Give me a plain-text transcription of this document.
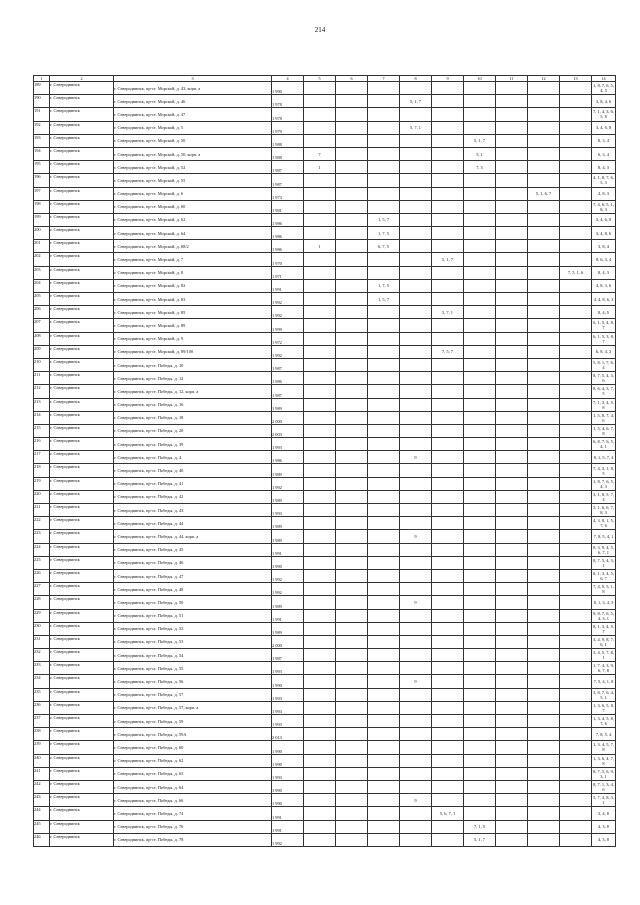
214
1	2	3	4	5	6	7	8	9	10	11	12	13	14
189	г. Северодвинск	г. Северодвинск, пр-ст. Морской, д. 43, корп. а	1 990										1, 8, 7, 6, 5, 4, 3
190	г. Северодвинск	г. Северодвинск, пр-ст. Морской, д. 46	1 978				5, 1, 7						3, 8, 4, 6
191	г. Северодвинск	г. Северодвинск, пр-ст. Морской, д. 47	1 978										7, 1, 4, 3, 6, 5, 8
192	г. Северодвинск	г. Северодвинск, пр-ст. Морской, д. 5	1 979				5, 7, 1						3, 4, 6, 8
193	г. Северодвинск	г. Северодвинск, пр-ст. Морской, д. 50	1 988						5, 1, 7				8, 3, 4
194	г. Северодвинск	г. Северодвинск, пр-ст. Морской, д. 50, корп. а	1 988	7					5, 1				6, 3, 4
195	г. Северодвинск	г. Северодвинск, пр-ст. Морской, д. 52	1 987	1					7, 5				8, 4, 3
196	г. Северодвинск	г. Северодвинск, пр-ст. Морской, д. 55	1 987										4, 1, 8, 7, 6, 5, 3
197	г. Северодвинск	г. Северодвинск, пр-ст. Морской, д. 6	1 973								5, 1, 6, 7		4, 8, 3
198	г. Северодвинск	г. Северодвинск, пр-ст. Морской, д. 60	1 981										7, 4, 6, 5, 1, 8, 3
199	г. Северодвинск	г. Северодвинск, пр-ст. Морской, д. 62	1 986			1, 5, 7							3, 4, 6, 8
200	г. Северодвинск	г. Северодвинск, пр-ст. Морской, д. 64	1 986			1, 7, 5							3, 4, 8, 6
201	г. Северодвинск	г. Северодвинск, пр-ст. Морской, д. 68/2	1 986	1		6, 7, 5							3, 8, 4
202	г. Северодвинск	г. Северодвинск, пр-ст. Морской, д. 7	1 970					5, 1, 7					8, 6, 3, 4
203	г. Северодвинск	г. Северодвинск, пр-ст. Морской, д. 8	1 971									7, 5, 1, 6	8, 4, 3
204	г. Северодвинск	г. Северодвинск, пр-ст. Морской, д. 82	1 991			1, 7, 5							4, 8, 3, 6
205	г. Северодвинск	г. Северодвинск, пр-ст. Морской, д. 83	1 992			1, 5, 7							4, 4, 8, 6, 3
206	г. Северодвинск	г. Северодвинск, пр-ст. Морской, д. 85	1 992					5, 7, 1					8, 4, 5
207	г. Северодвинск	г. Северодвинск, пр-ст. Морской, д. 89	1 999										6, 1, 5, 4, 8, 7
208	г. Северодвинск	г. Северодвинск, пр-ст. Морской, д. 9	1 972										6, 1, 5, 3, 8, 7
209	г. Северодвинск	г. Северодвинск, пр-ст. Морской, д. 89/100	1 992					7, 5, 7					6, 8, 4, 3
210	г. Северодвинск	г. Северодвинск, пр-ст. Победы, д. 10	1 987										5, 8, 1, 7, 6, 4
211	г. Северодвинск	г. Северодвинск, пр-ст. Победы, д. 12	1 986										8, 7, 5, 4, 3, 6
212	г. Северодвинск	г. Северодвинск, пр-ст. Победы, д. 12, корп. а	1 987										8, 6, 4, 3, 7, 5
213	г. Северодвинск	г. Северодвинск, пр-ст. Победы, д. 16	1 989										7, 1, 3, 4, 5, 8
214	г. Северодвинск	г. Северодвинск, пр-ст. Победы, д. 18	2 000										1, 5, 8, 7, 4, 6
215	г. Северодвинск	г. Северодвинск, пр-ст. Победы, д. 20	2 003										1, 5, 4, 6, 7, 8
216	г. Северодвинск	г. Северодвинск, пр-ст. Победы, д. 39	1 993										6, 8, 7, 6, 5, 4, 1
217	г. Северодвинск	г. Северодвинск, пр-ст. Победы, д. 4	1 986				9						8, 1, 5, 7, 4
218	г. Северодвинск	г. Северодвинск, пр-ст. Победы, д. 40	1 989										7, 4, 3, 1, 8, 5
219	г. Северодвинск	г. Северодвинск, пр-ст. Победы, д. 41	1 992										1, 8, 7, 6, 5, 4, 3
220	г. Северодвинск	г. Северодвинск, пр-ст. Победы, д. 42	1 989										3, 1, 8, 5, 7, 4
221	г. Северодвинск	г. Северодвинск, пр-ст. Победы, д. 43	1 993										5, 1, 6, 6, 7, 8, 3
222	г. Северодвинск	г. Северодвинск, пр-ст. Победы, д. 44	1 989										4, 3, 8, 1, 5, 7, 6
223	г. Северодвинск	г. Северодвинск, пр-ст. Победы, д. 44, корп. а	1 989				9						7, 8, 5, 4, 1
224	г. Северодвинск	г. Северодвинск, пр-ст. Победы, д. 45	1 991										8, 3, 9, 4, 5, 6, 7, 1
225	г. Северодвинск	г. Северодвинск, пр-ст. Победы, д. 46	1 990										8, 7, 5, 4, 3, 1
226	г. Северодвинск	г. Северодвинск, пр-ст. Победы, д. 47	1 992										8, 1, 3, 4, 5, 6, 7
227	г. Северодвинск	г. Северодвинск, пр-ст. Победы, д. 48	1 992										7, 4, 9, 5, 1, 8
228	г. Северодвинск	г. Северодвинск, пр-ст. Победы, д. 50	1 989				9						8, 1, 3, 4, 5
229	г. Северодвинск	г. Северодвинск, пр-ст. Победы, д. 51	1 991										9, 8, 7, 6, 5, 4, 3, 1
230	г. Северодвинск	г. Северодвинск, пр-ст. Победы, д. 52	1 989										8, 1, 3, 4, 5, 7
231	г. Северодвинск	г. Северодвинск, пр-ст. Победы, д. 53	2 000										3, 4, 9, 8, 7, 6, 1
232	г. Северодвинск	г. Северодвинск, пр-ст. Победы, д. 54	1 987										3, 4, 5, 7, 8, 1
233	г. Северодвинск	г. Северодвинск, пр-ст. Победы, д. 55	1 993										1, 7, 4, 3, 9, 6, 7, 8
234	г. Северодвинск	г. Северодвинск, пр-ст. Победы, д. 56	1 990				9						7, 5, 4, 1, 8
235	г. Северодвинск	г. Северодвинск, пр-ст. Победы, д. 57	1 993										3, 8, 7, 6, 4, 5, 1
236	г. Северодвинск	г. Северодвинск, пр-ст. Победы, д. 57, корп. а	1 994										1, 3, 6, 5, 8, 7
237	г. Северодвинск	г. Северодвинск, пр-ст. Победы, д. 59	1 993										1, 3, 4, 5, 8, 7, 6
238	г. Северодвинск	г. Северодвинск, пр-ст. Победы, д. 59А	2 013										7, 8, 5, 4
239	г. Северодвинск	г. Северодвинск, пр-ст. Победы, д. 60	1 990										1, 3, 4, 5, 7, 8
240	г. Северодвинск	г. Северодвинск, пр-ст. Победы, д. 62	1 990										1, 3, 6, 4, 7, 8
241	г. Северодвинск	г. Северодвинск, пр-ст. Победы, д. 63	1 993										8, 7, 5, 6, 9, 3, 1
242	г. Северодвинск	г. Северодвинск, пр-ст. Победы, д. 64	1 990										8, 7, 1, 3, 4, 6
243	г. Северодвинск	г. Северодвинск, пр-ст. Победы, д. 66	1 990				9						5, 7, 4, 8, 3, 1
244	г. Северодвинск	г. Северодвинск, пр-ст. Победы, д. 74	1 991					5, 6, 7, 1					3, 4, 8
245	г. Северодвинск	г. Северодвинск, пр-ст. Победы, д. 76	1 991						7, 1, 5				4, 3, 8
246	г. Северодвинск	г. Северодвинск, пр-ст. Победы, д. 78	1 992						5, 1, 7				4, 3, 8
